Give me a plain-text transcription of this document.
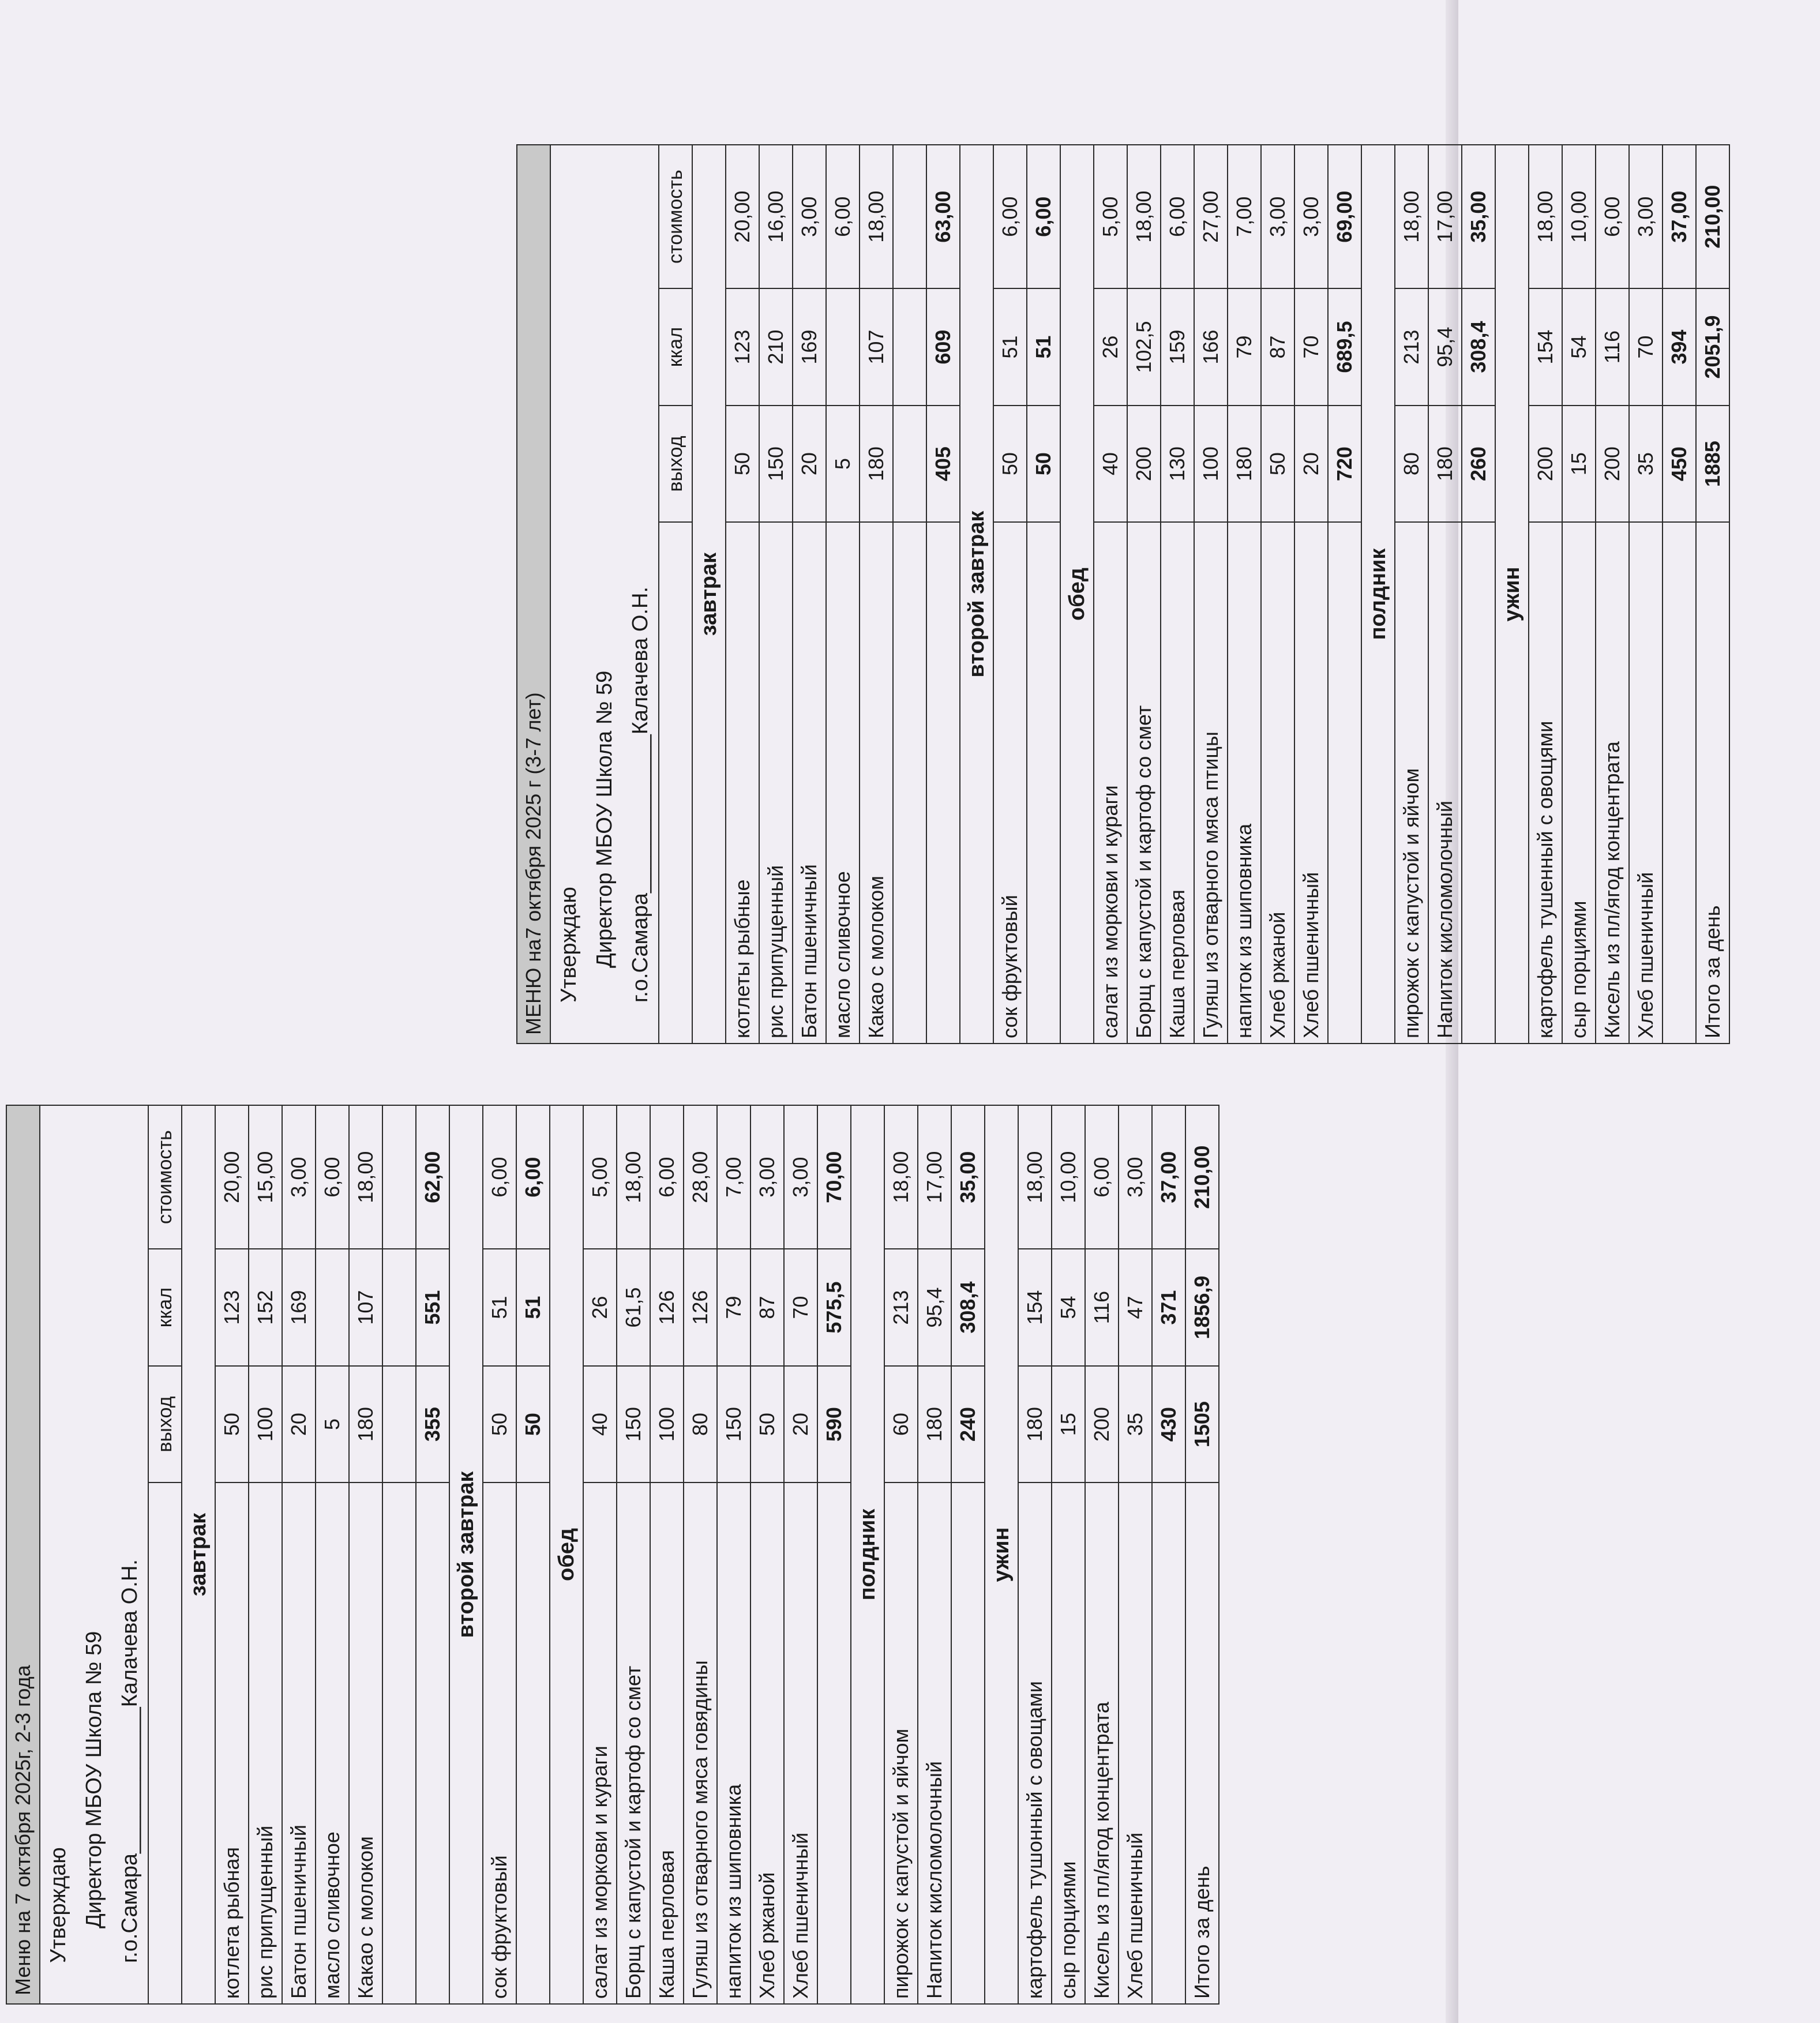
Меню на 7 октября 2025г, 2-3 года			
Утверждаю			
Директор МБОУ Школа № 59			
г.о.Самара____________Калачева О.Н.			
	выход	ккал	стоимость
завтрак			
котлета рыбная	50	123	20,00
рис припущенный	100	152	15,00
Батон пшеничный	20	169	3,00
масло сливочное	5		6,00
Какао с молоком	180	107	18,00

	355	551	62,00
второй завтрак			
сок фруктовый	50	51	6,00
	50	51	6,00
обед			
салат из моркови и кураги	40	26	5,00
Борщ с капустой и картоф со смет	150	61,5	18,00
Каша перловая	100	126	6,00
Гуляш из отварного мяса говядины	80	126	28,00
напиток из шиповника	150	79	7,00
Хлеб ржаной	50	87	3,00
Хлеб пшеничный	20	70	3,00
	590	575,5	70,00
полдник			
пирожок с капустой и яйчом	60	213	18,00
Напиток кисломолочный	180	95,4	17,00
	240	308,4	35,00
ужин			
картофель тушонный с овощами	180	154	18,00
сыр порциями	15	54	10,00
Кисель из пл/ягод концентрата	200	116	6,00
Хлеб пшеничный	35	47	3,00
	430	371	37,00
Итого за день	1505	1856,9	210,00
МЕНЮ на7 октября 2025 г (3-7 лет)			
Утверждаю			
Директор МБОУ Школа № 59			
г.о.Самара_____________Калачева О.Н.			
	выход	ккал	стоимость
завтрак			
котлеты рыбные	50	123	20,00
рис припущенный	150	210	16,00
Батон пшеничный	20	169	3,00
масло сливочное	5		6,00
Какао с молоком	180	107	18,00

	405	609	63,00
второй завтрак			
сок фруктовый	50	51	6,00
	50	51	6,00
обед			
салат из моркови и кураги	40	26	5,00
Борщ с капустой и картоф со смет	200	102,5	18,00
Каша перловая	130	159	6,00
Гуляш из отварного мяса птицы	100	166	27,00
напиток из шиповника	180	79	7,00
Хлеб ржаной	50	87	3,00
Хлеб пшеничный	20	70	3,00
	720	689,5	69,00
полдник			
пирожок с капустой и яйчом	80	213	18,00
Напиток кисломолочный	180	95,4	17,00
	260	308,4	35,00
ужин			
картофель тушенный с овощями	200	154	18,00
сыр порциями	15	54	10,00
Кисель из пл/ягод концентрата	200	116	6,00
Хлеб пшеничный	35	70	3,00
	450	394	37,00
Итого за день	1885	2051,9	210,00
